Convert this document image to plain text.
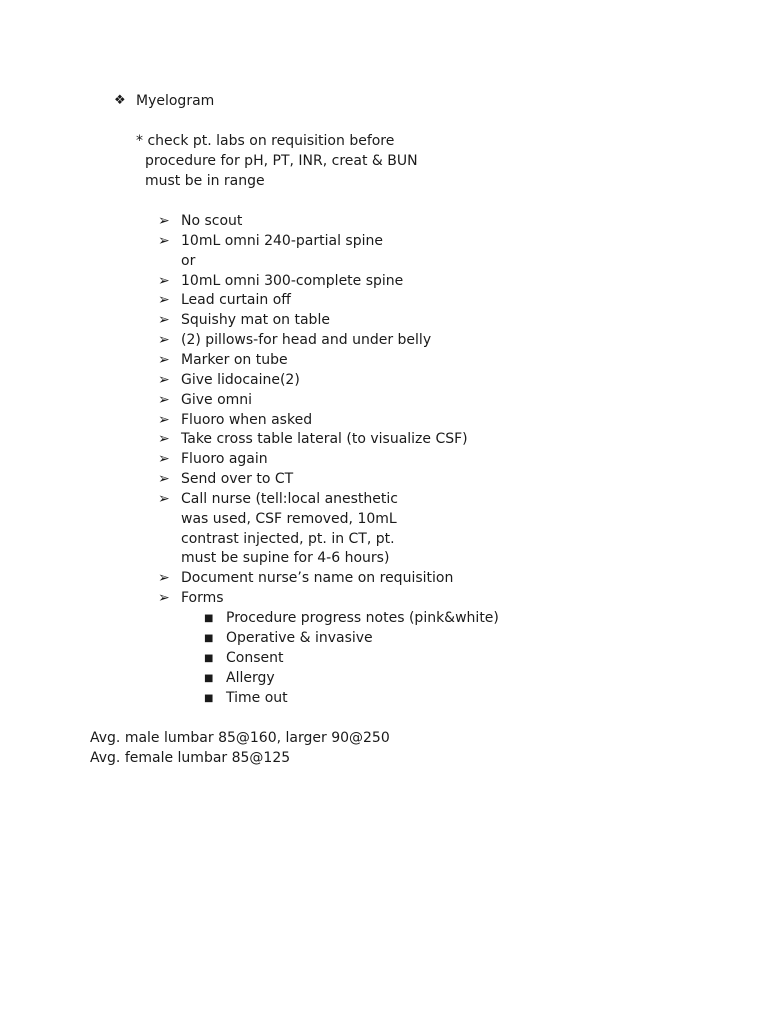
❖ Myelogram
* check pt. labs on requisition before
procedure for pH, PT, INR, creat & BUN
must be in range
➢ No scout
➢ 10mL omni 240-partial spine
or
➢ 10mL omni 300-complete spine
➢ Lead curtain off
➢ Squishy mat on table
➢ (2) pillows-for head and under belly
➢ Marker on tube
➢ Give lidocaine(2)
➢ Give omni
➢ Fluoro when asked
➢ Take cross table lateral (to visualize CSF)
➢ Fluoro again
➢ Send over to CT
➢ Call nurse (tell:local anesthetic
was used, CSF removed, 10mL
contrast injected, pt. in CT, pt.
must be supine for 4-6 hours)
➢ Document nurse’s name on requisition
➢ Forms
■ Procedure progress notes (pink&white)
■ Operative & invasive
■ Consent
■ Allergy
■ Time out
Avg. male lumbar 85@160, larger 90@250
Avg. female lumbar 85@125
